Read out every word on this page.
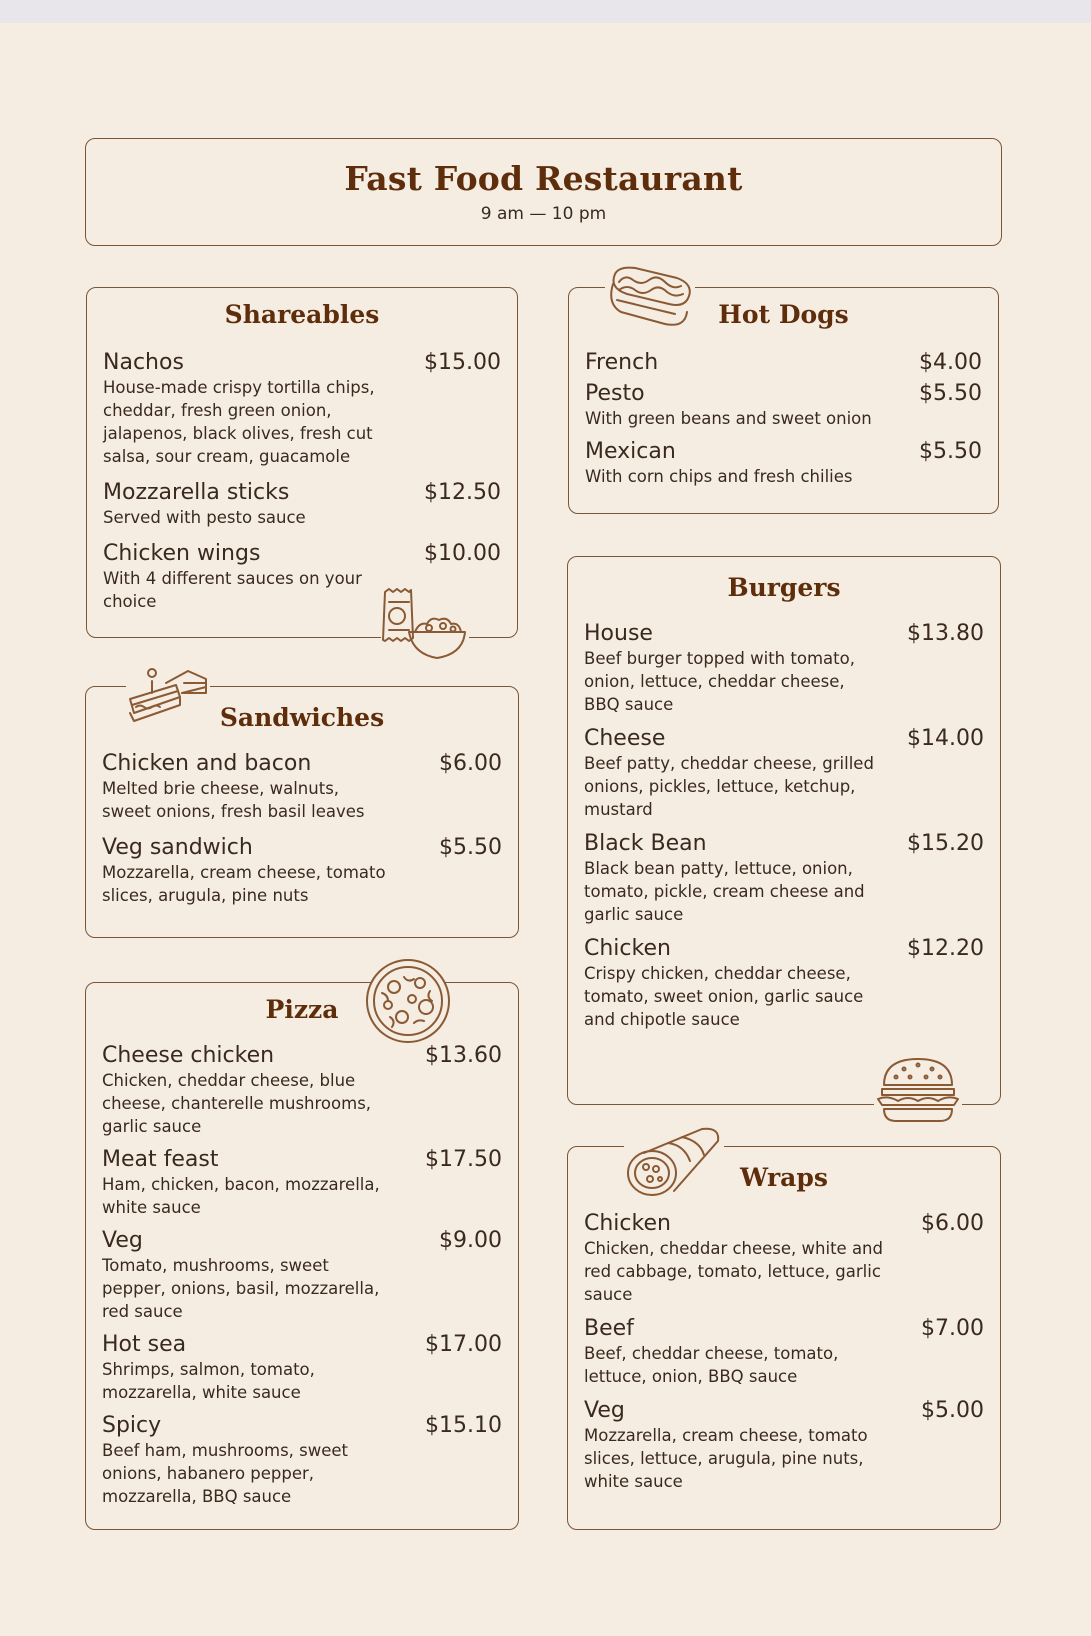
Fast Food Restaurant
9 am — 10 pm
Shareables
Nachos	$15.00
House-made crispy tortilla chips, cheddar, fresh green onion, jalapenos, black olives, fresh cut salsa, sour cream, guacamole
Mozzarella sticks	$12.50
Served with pesto sauce
Chicken wings	$10.00
With 4 different sauces on your choice
Sandwiches
Chicken and bacon	$6.00
Melted brie cheese, walnuts, sweet onions, fresh basil leaves
Veg sandwich	$5.50
Mozzarella, cream cheese, tomato slices, arugula, pine nuts
Pizza
Cheese chicken	$13.60
Chicken, cheddar cheese, blue cheese, chanterelle mushrooms, garlic sauce
Meat feast	$17.50
Ham, chicken, bacon, mozzarella, white sauce
Veg	$9.00
Tomato, mushrooms, sweet pepper, onions, basil, mozzarella, red sauce
Hot sea	$17.00
Shrimps, salmon, tomato, mozzarella, white sauce
Spicy	$15.10
Beef ham, mushrooms, sweet onions, habanero pepper, mozzarella, BBQ sauce
Hot Dogs
French	$4.00
Pesto	$5.50
With green beans and sweet onion
Mexican	$5.50
With corn chips and fresh chilies
Burgers
House	$13.80
Beef burger topped with tomato, onion, lettuce, cheddar cheese, BBQ sauce
Cheese	$14.00
Beef patty, cheddar cheese, grilled onions, pickles, lettuce, ketchup, mustard
Black Bean	$15.20
Black bean patty, lettuce, onion, tomato, pickle, cream cheese and garlic sauce
Chicken	$12.20
Crispy chicken, cheddar cheese, tomato, sweet onion, garlic sauce and chipotle sauce
Wraps
Chicken	$6.00
Chicken, cheddar cheese, white and red cabbage, tomato, lettuce, garlic sauce
Beef	$7.00
Beef, cheddar cheese, tomato, lettuce, onion, BBQ sauce
Veg	$5.00
Mozzarella, cream cheese, tomato slices, lettuce, arugula, pine nuts, white sauce
